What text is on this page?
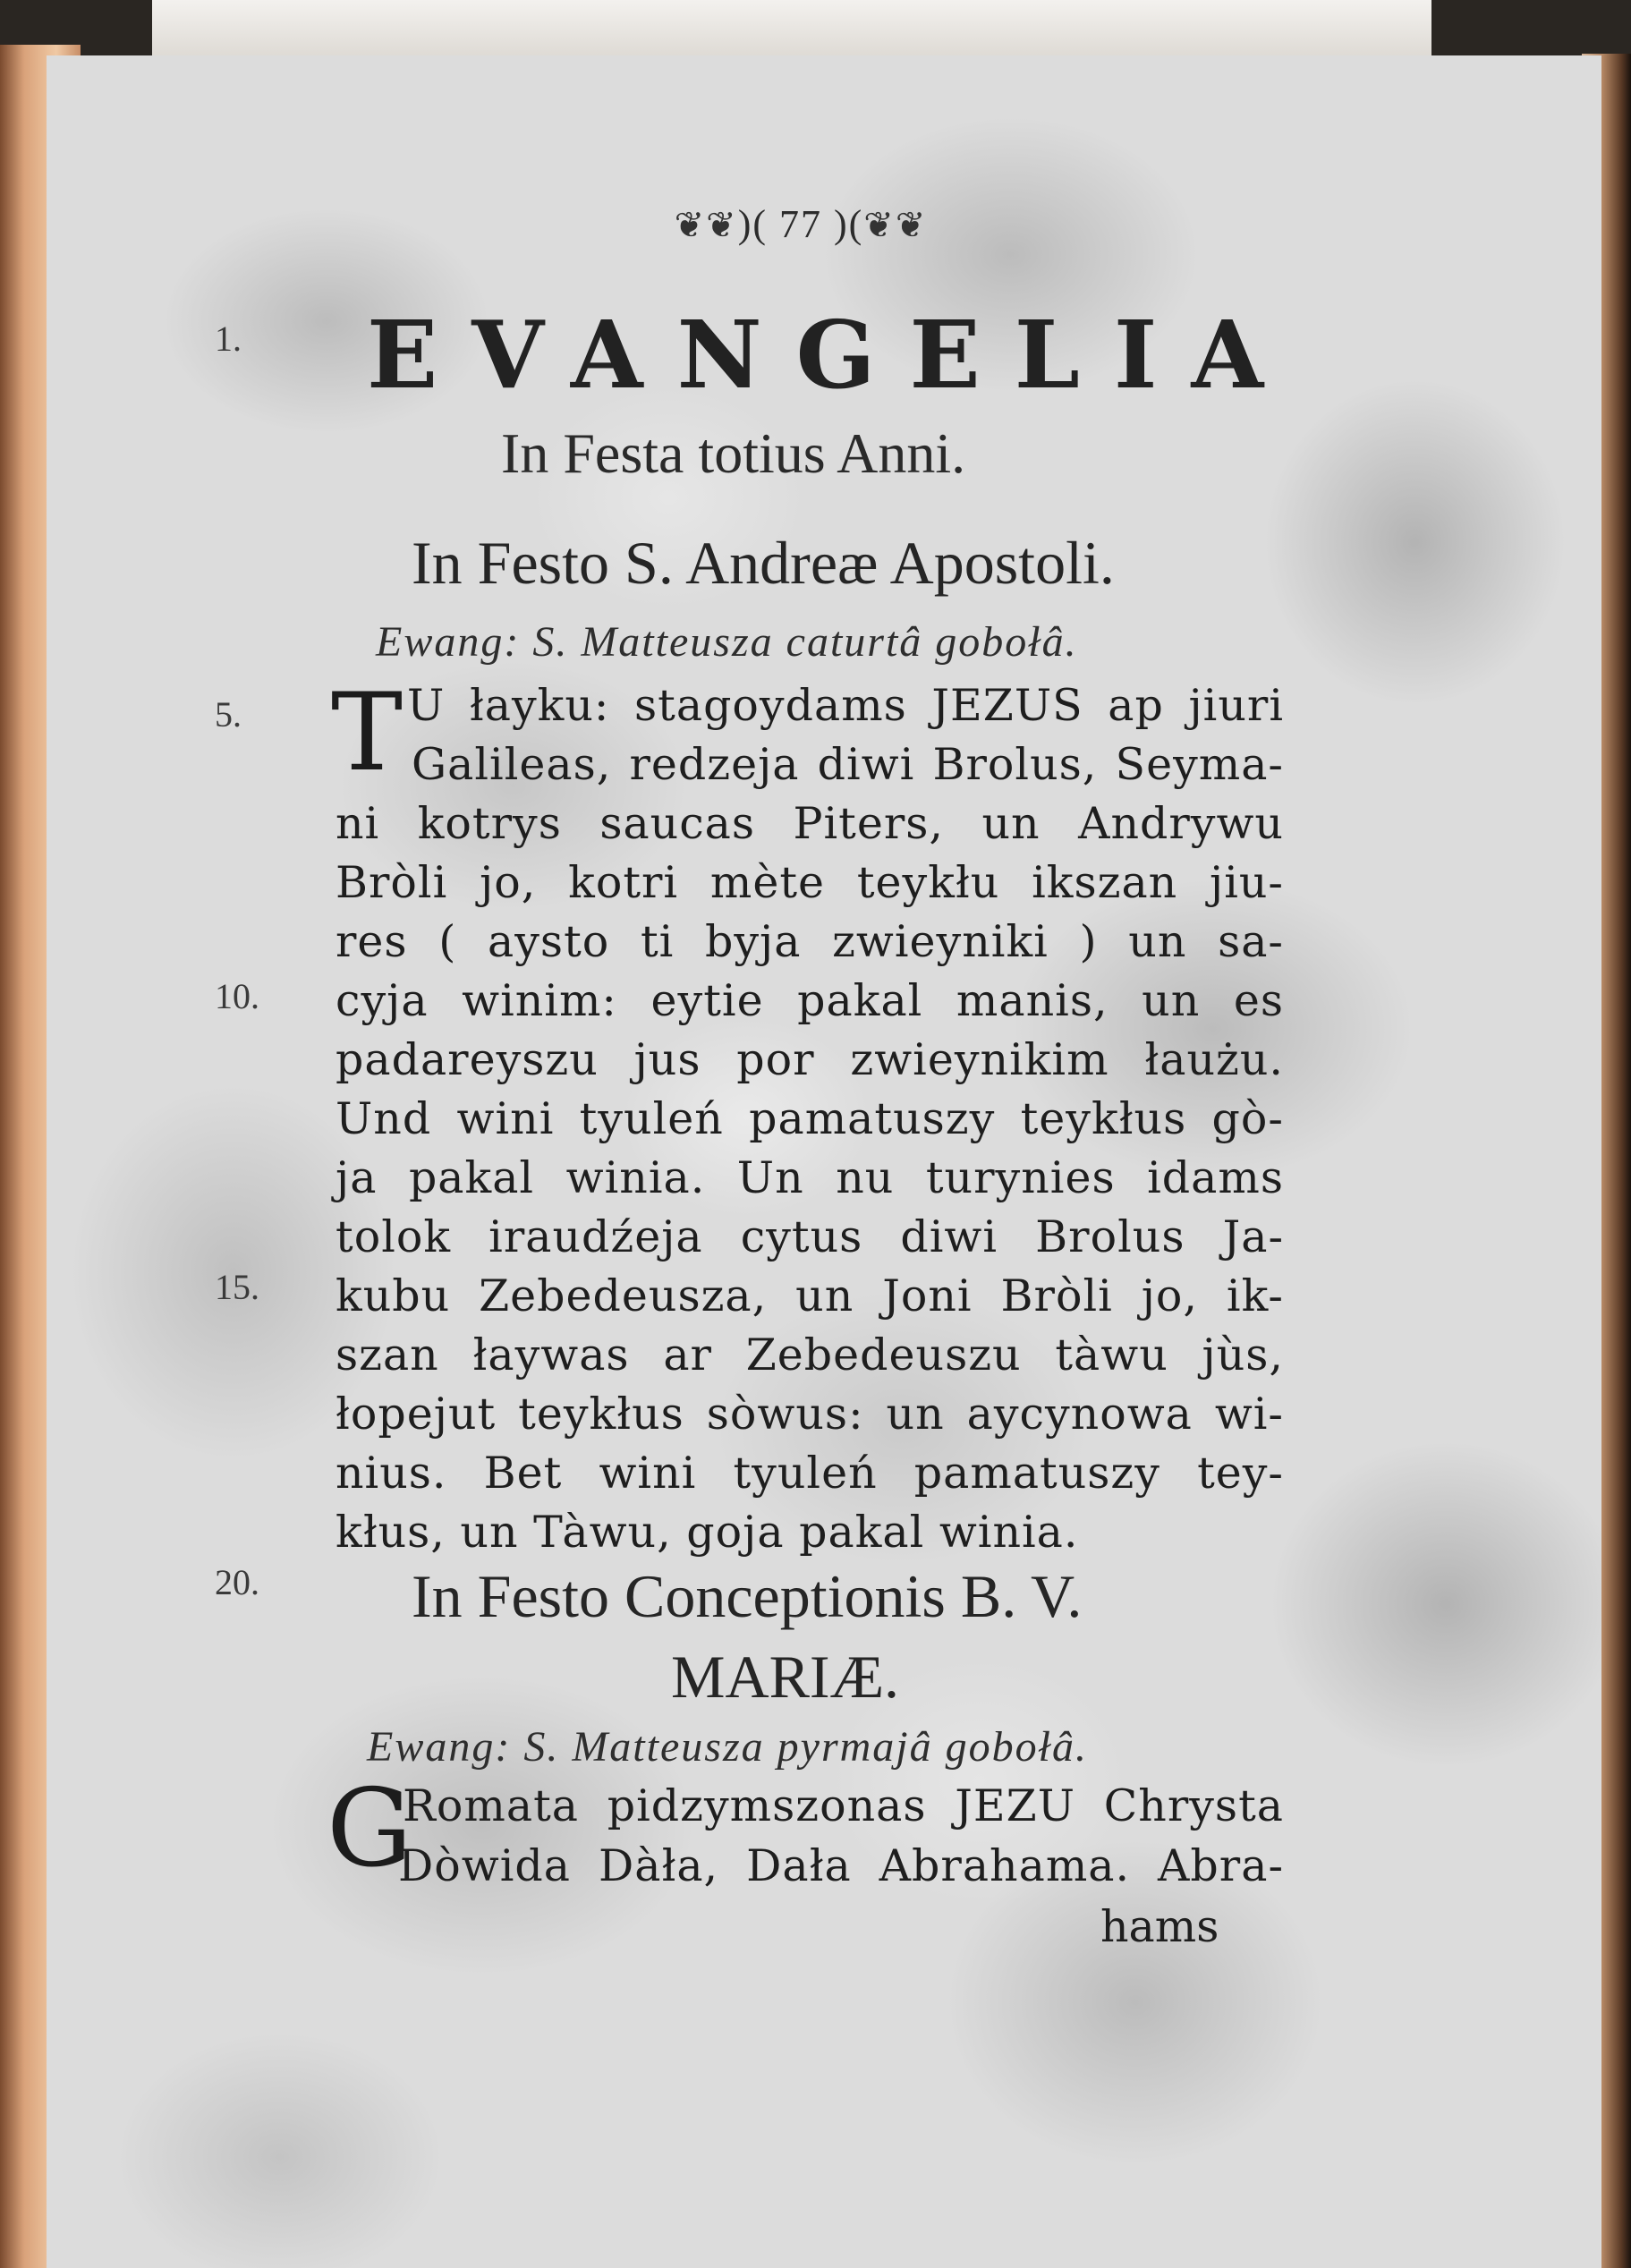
❦❦)( 77 )(❦❦
1.
5.
10.
15.
20.
EVANGELIA
In Festa totius Anni.
In Festo S. Andreæ Apostoli.
Ewang: S. Matteusza caturtâ gobołâ.
T U łayku: stagoydams JEZUS ap jiuri
Galileas, redzeja diwi Brolus, Seyma-
ni kotrys saucas Piters, un Andrywu
Bròli jo, kotri mète teykłu ikszan jiu-
res ( aysto ti byja zwieyniki ) un sa-
cyja winim: eytie pakal manis, un es
padareyszu jus por zwieynikim łaużu.
Und wini tyuleń pamatuszy teykłus gò-
ja pakal winia. Un nu turynies idams
tolok iraudźeja cytus diwi Brolus Ja-
kubu Zebedeusza, un Joni Bròli jo, ik-
szan łaywas ar Zebedeuszu tàwu jùs,
łopejut teykłus sòwus: un aycynowa wi-
nius. Bet wini tyuleń pamatuszy tey-
kłus, un Tàwu, goja pakal winia.
In Festo Conceptionis B. V.
MARIÆ.
Ewang: S. Matteusza pyrmajâ gobołâ.
G
Romata pidzymszonas JEZU Chrysta
Dòwida Dàła, Dała Abrahama. Abra-
hams
